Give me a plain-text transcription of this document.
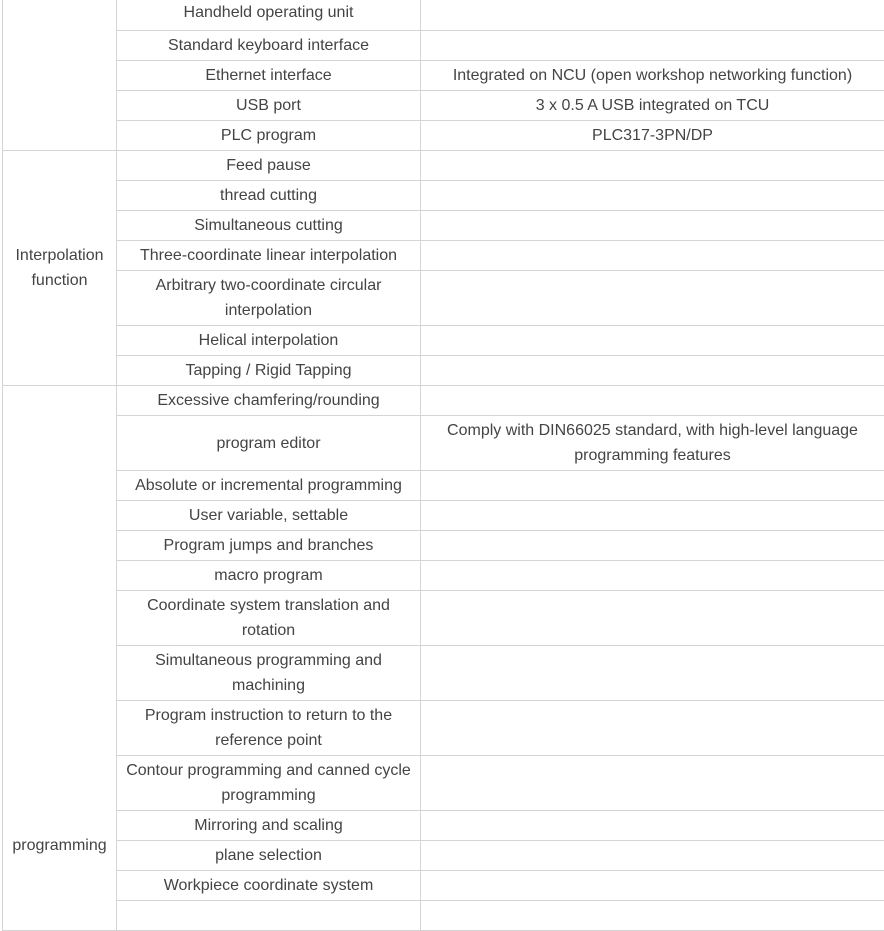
	Handheld operating unit	
	Standard keyboard interface	
	Ethernet interface	Integrated on NCU (open workshop networking function)
	USB port	3 x 0.5 A USB integrated on TCU
	PLC program	PLC317-3PN/DP
Interpolation function	Feed pause	
	thread cutting	
	Simultaneous cutting	
	Three-coordinate linear interpolation	
	Arbitrary two-coordinate circular interpolation	
	Helical interpolation	
	Tapping / Rigid Tapping	
programming	Excessive chamfering/rounding	
	program editor	Comply with DIN66025 standard, with high-level language programming features
	Absolute or incremental programming	
	User variable, settable	
	Program jumps and branches	
	macro program	
	Coordinate system translation and rotation	
	Simultaneous programming and machining	
	Program instruction to return to the reference point	
	Contour programming and canned cycle programming	
	Mirroring and scaling	
	plane selection	
	Workpiece coordinate system	
